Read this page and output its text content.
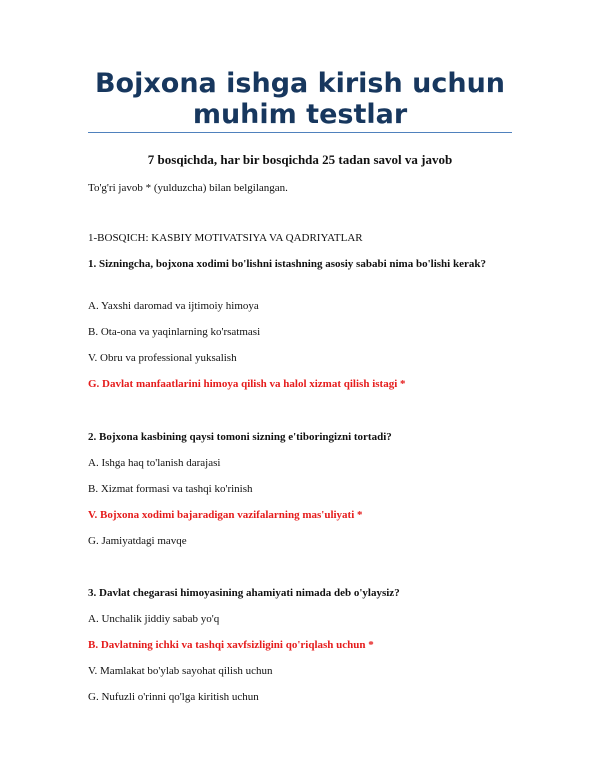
Bojxona ishga kirish uchun muhim testlar

7 bosqichda, har bir bosqichda 25 tadan savol va javob

To'g'ri javob * (yulduzcha) bilan belgilangan.

1-BOSQICH: KASBIY MOTIVATSIYA VA QADRIYATLAR

1. Sizningcha, bojxona xodimi bo'lishni istashning asosiy sababi nima bo'lishi kerak?

A. Yaxshi daromad va ijtimoiy himoya

B. Ota-ona va yaqinlarning ko'rsatmasi

V. Obru va professional yuksalish

G. Davlat manfaatlarini himoya qilish va halol xizmat qilish istagi *

2. Bojxona kasbining qaysi tomoni sizning e'tiboringizni tortadi?

A. Ishga haq to'lanish darajasi

B. Xizmat formasi va tashqi ko'rinish

V. Bojxona xodimi bajaradigan vazifalarning mas'uliyati *

G. Jamiyatdagi mavqe

3. Davlat chegarasi himoyasining ahamiyati nimada deb o'ylaysiz?

A. Unchalik jiddiy sabab yo'q

B. Davlatning ichki va tashqi xavfsizligini qo'riqlash uchun *

V. Mamlakat bo'ylab sayohat qilish uchun

G. Nufuzli o'rinni qo'lga kiritish uchun
